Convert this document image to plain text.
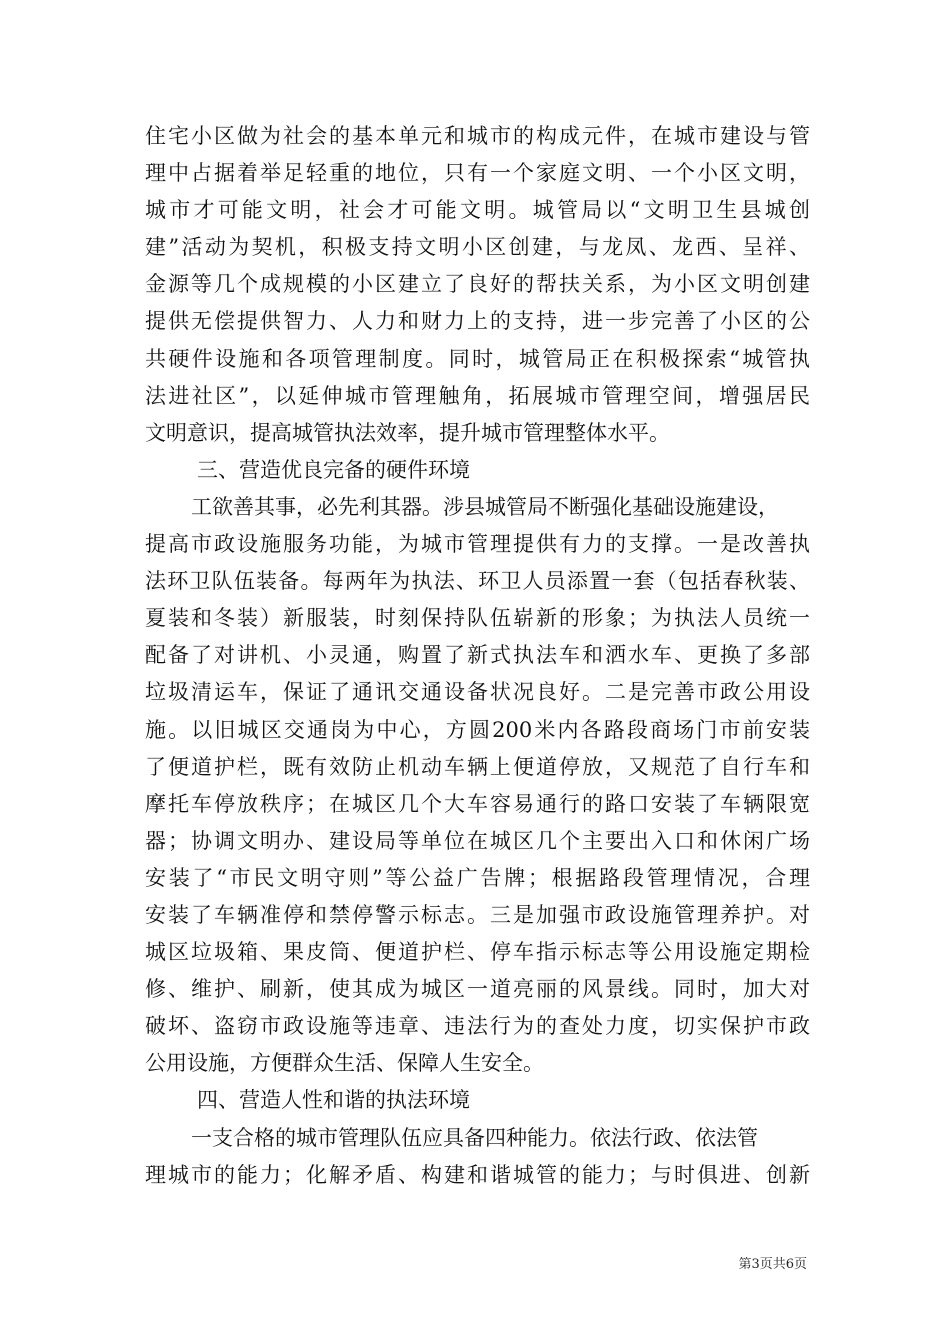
住宅小区做为社会的基本单元和城市的构成元件，在城市建设与管
理中占据着举足轻重的地位，只有一个家庭文明、一个小区文明，
城市才可能文明，社会才可能文明。城管局以“文明卫生县城创
建”活动为契机，积极支持文明小区创建，与龙凤、龙西、呈祥、
金源等几个成规模的小区建立了良好的帮扶关系，为小区文明创建
提供无偿提供智力、人力和财力上的支持，进一步完善了小区的公
共硬件设施和各项管理制度。同时，城管局正在积极探索“城管执
法进社区”，以延伸城市管理触角，拓展城市管理空间，增强居民
文明意识，提高城管执法效率，提升城市管理整体水平。
三、营造优良完备的硬件环境
工欲善其事，必先利其器。涉县城管局不断强化基础设施建设，
提高市政设施服务功能，为城市管理提供有力的支撑。一是改善执
法环卫队伍装备。每两年为执法、环卫人员添置一套（包括春秋装、
夏装和冬装）新服装，时刻保持队伍崭新的形象；为执法人员统一
配备了对讲机、小灵通，购置了新式执法车和洒水车、更换了多部
垃圾清运车，保证了通讯交通设备状况良好。二是完善市政公用设
施。以旧城区交通岗为中心，方圆200米内各路段商场门市前安装
了便道护栏，既有效防止机动车辆上便道停放，又规范了自行车和
摩托车停放秩序；在城区几个大车容易通行的路口安装了车辆限宽
器；协调文明办、建设局等单位在城区几个主要出入口和休闲广场
安装了“市民文明守则”等公益广告牌；根据路段管理情况，合理
安装了车辆准停和禁停警示标志。三是加强市政设施管理养护。对
城区垃圾箱、果皮筒、便道护栏、停车指示标志等公用设施定期检
修、维护、刷新，使其成为城区一道亮丽的风景线。同时，加大对
破坏、盗窃市政设施等违章、违法行为的查处力度，切实保护市政
公用设施，方便群众生活、保障人生安全。
四、营造人性和谐的执法环境
一支合格的城市管理队伍应具备四种能力。依法行政、依法管
理城市的能力；化解矛盾、构建和谐城管的能力；与时俱进、创新
第3页共6页
